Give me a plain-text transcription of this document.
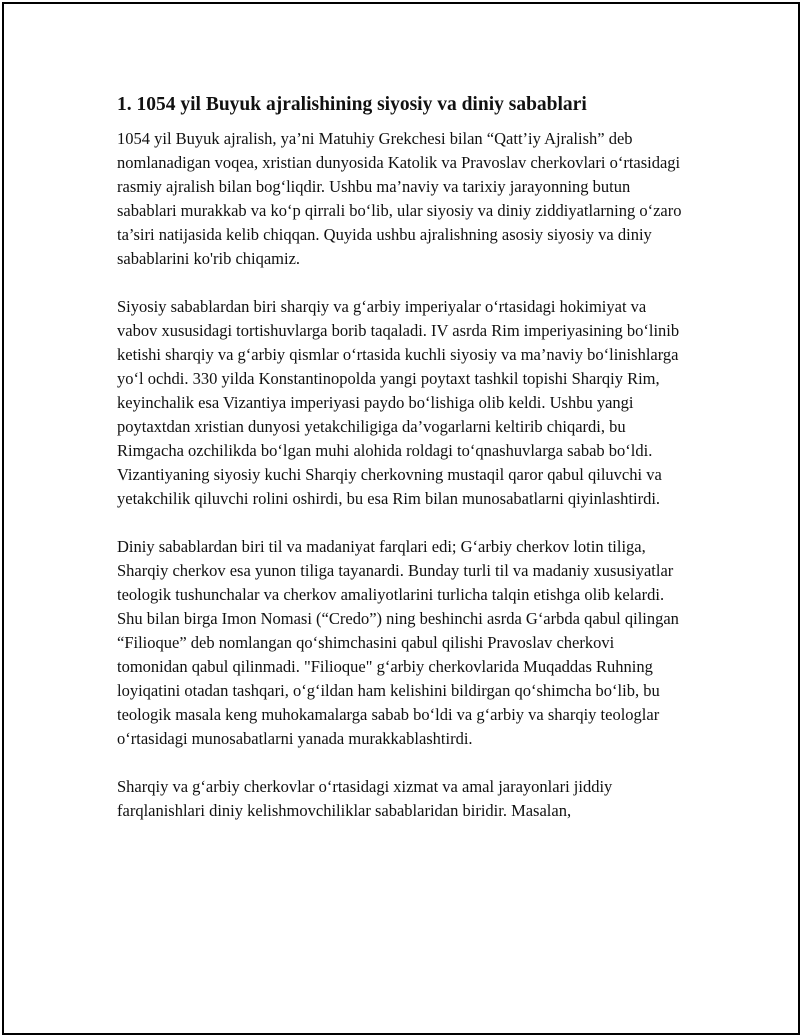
1. 1054 yil Buyuk ajralishining siyosiy va diniy sabablari

1054 yil Buyuk ajralish, ya’ni Matuhiy Grekchesi bilan “Qatt’iy Ajralish” deb nomlanadigan voqea, xristian dunyosida Katolik va Pravoslav cherkovlari o‘rtasidagi rasmiy ajralish bilan bog‘liqdir. Ushbu ma’naviy va tarixiy jarayonning butun sabablari murakkab va ko‘p qirrali bo‘lib, ular siyosiy va diniy ziddiyatlarning o‘zaro ta’siri natijasida kelib chiqqan. Quyida ushbu ajralishning asosiy siyosiy va diniy sabablarini ko'rib chiqamiz.

Siyosiy sabablardan biri sharqiy va g‘arbiy imperiyalar o‘rtasidagi hokimiyat va vabov xususidagi tortishuvlarga borib taqaladi. IV asrda Rim imperiyasining bo‘linib ketishi sharqiy va g‘arbiy qismlar o‘rtasida kuchli siyosiy va ma’naviy bo‘linishlarga yo‘l ochdi. 330 yilda Konstantinopolda yangi poytaxt tashkil topishi Sharqiy Rim, keyinchalik esa Vizantiya imperiyasi paydo bo‘lishiga olib keldi. Ushbu yangi poytaxtdan xristian dunyosi yetakchiligiga da’vogarlarni keltirib chiqardi, bu Rimgacha ozchilikda bo‘lgan muhi alohida roldagi to‘qnashuvlarga sabab bo‘ldi. Vizantiyaning siyosiy kuchi Sharqiy cherkovning mustaqil qaror qabul qiluvchi va yetakchilik qiluvchi rolini oshirdi, bu esa Rim bilan munosabatlarni qiyinlashtirdi.

Diniy sabablardan biri til va madaniyat farqlari edi; G‘arbiy cherkov lotin tiliga, Sharqiy cherkov esa yunon tiliga tayanardi. Bunday turli til va madaniy xususiyatlar teologik tushunchalar va cherkov amaliyotlarini turlicha talqin etishga olib kelardi. Shu bilan birga Imon Nomasi (“Credo”) ning beshinchi asrda G‘arbda qabul qilingan “Filioque” deb nomlangan qo‘shimchasini qabul qilishi Pravoslav cherkovi tomonidan qabul qilinmadi. "Filioque" g‘arbiy cherkovlarida Muqaddas Ruhning loyiqatini otadan tashqari, o‘g‘ildan ham kelishini bildirgan qo‘shimcha bo‘lib, bu teologik masala keng muhokamalarga sabab bo‘ldi va g‘arbiy va sharqiy teologlar o‘rtasidagi munosabatlarni yanada murakkablashtirdi.

Sharqiy va g‘arbiy cherkovlar o‘rtasidagi xizmat va amal jarayonlari jiddiy farqlanishlari diniy kelishmovchiliklar sabablaridan biridir. Masalan,
